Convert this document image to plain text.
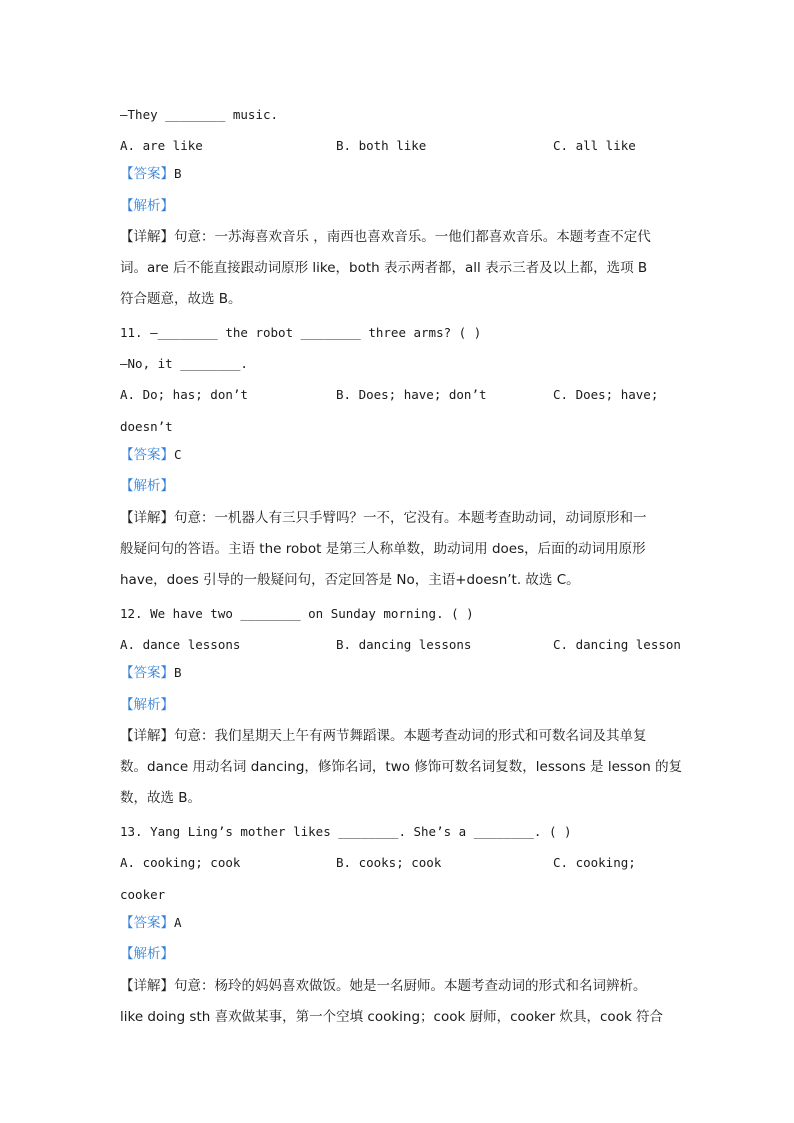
—They ________ music.
A. are like	B. both like	C. all like
【答案】B
【解析】
【详解】句意：一苏海喜欢音乐 ，南西也喜欢音乐。一他们都喜欢音乐。本题考查不定代
词。are 后不能直接跟动词原形 like，both 表示两者都，all 表示三者及以上都，选项 B
符合题意，故选 B。
11. —________ the robot ________ three arms? ( )
—No, it ________.
A. Do; has; don’t	B. Does; have; don’t	C. Does; have;
doesn’t
【答案】C
【解析】
【详解】句意：一机器人有三只手臂吗？一不，它没有。本题考查助动词，动词原形和一
般疑问句的答语。主语 the robot 是第三人称单数，助动词用 does，后面的动词用原形
have，does 引导的一般疑问句，否定回答是 No，主语+doesn’t. 故选 C。
12. We have two ________ on Sunday morning. ( )
A. dance lessons	B. dancing lessons	C. dancing lesson
【答案】B
【解析】
【详解】句意：我们星期天上午有两节舞蹈课。本题考查动词的形式和可数名词及其单复
数。dance 用动名词 dancing，修饰名词，two 修饰可数名词复数，lessons 是 lesson 的复
数，故选 B。
13. Yang Ling’s mother likes ________. She’s a ________. ( )
A. cooking; cook	B. cooks; cook	C. cooking;
cooker
【答案】A
【解析】
【详解】句意：杨玲的妈妈喜欢做饭。她是一名厨师。本题考查动词的形式和名词辨析。
like doing sth 喜欢做某事，第一个空填 cooking；cook 厨师，cooker 炊具，cook 符合
